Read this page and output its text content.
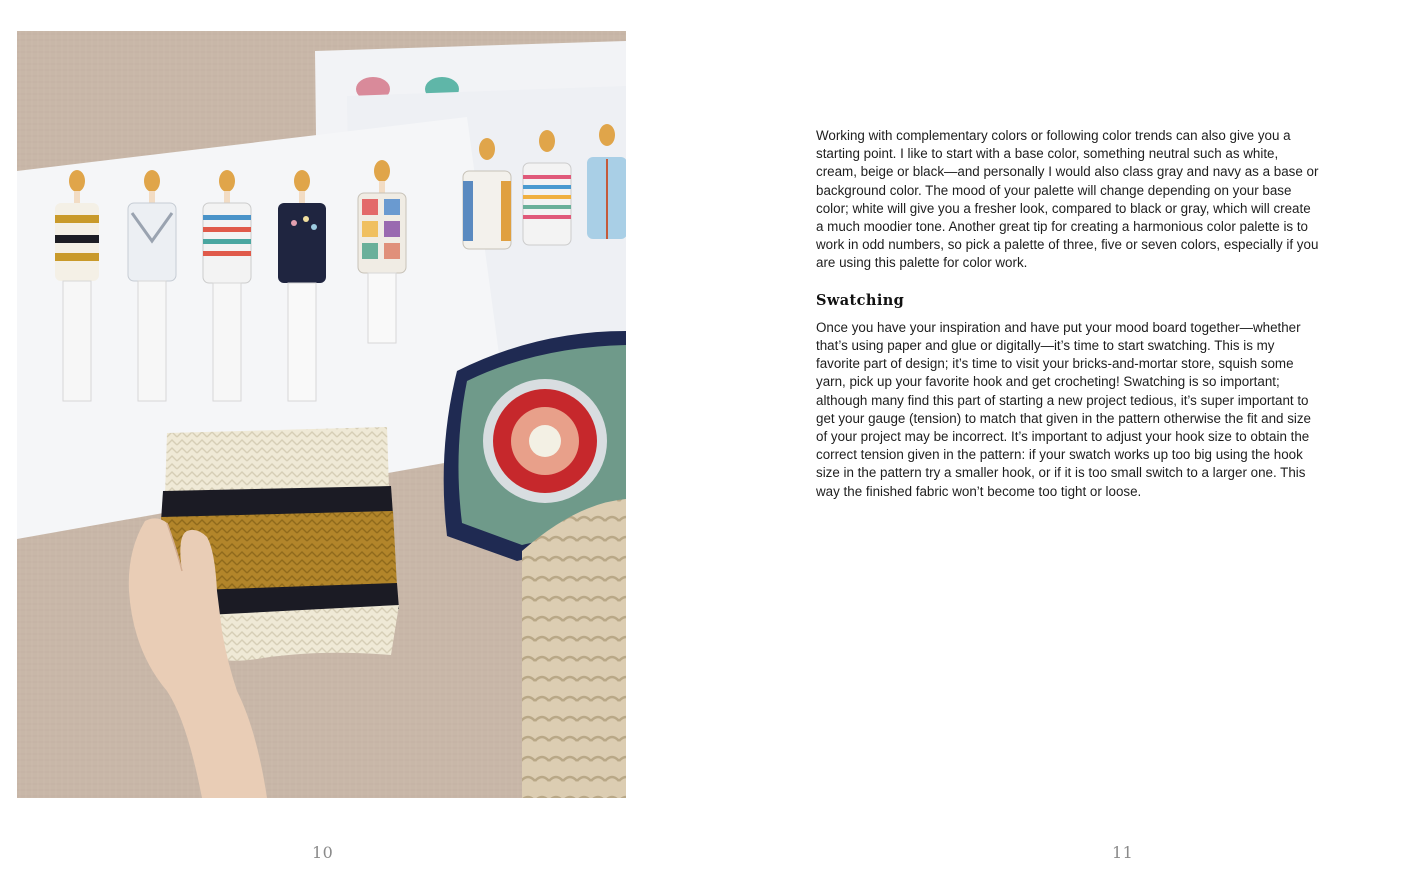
10

Working with complementary colors or following color trends can also give you a starting point. I like to start with a base color, something neutral such as white, cream, beige or black—and personally I would also class gray and navy as a base or background color. The mood of your palette will change depending on your base color; white will give you a fresher look, compared to black or gray, which will create a much moodier tone. Another great tip for creating a harmonious color palette is to work in odd numbers, so pick a palette of three, five or seven colors, especially if you are using this palette for color work.

Swatching

Once you have your inspiration and have put your mood board together—whether that’s using paper and glue or digitally—it’s time to start swatching. This is my favorite part of design; it’s time to visit your bricks-and-mortar store, squish some yarn, pick up your favorite hook and get crocheting! Swatching is so important; although many find this part of starting a new project tedious, it’s super important to get your gauge (tension) to match that given in the pattern otherwise the fit and size of your project may be incorrect. It’s important to adjust your hook size to obtain the correct tension given in the pattern: if your swatch works up too big using the hook size in the pattern try a smaller hook, or if it is too small switch to a larger one. This way the finished fabric won’t become too tight or loose.

11
